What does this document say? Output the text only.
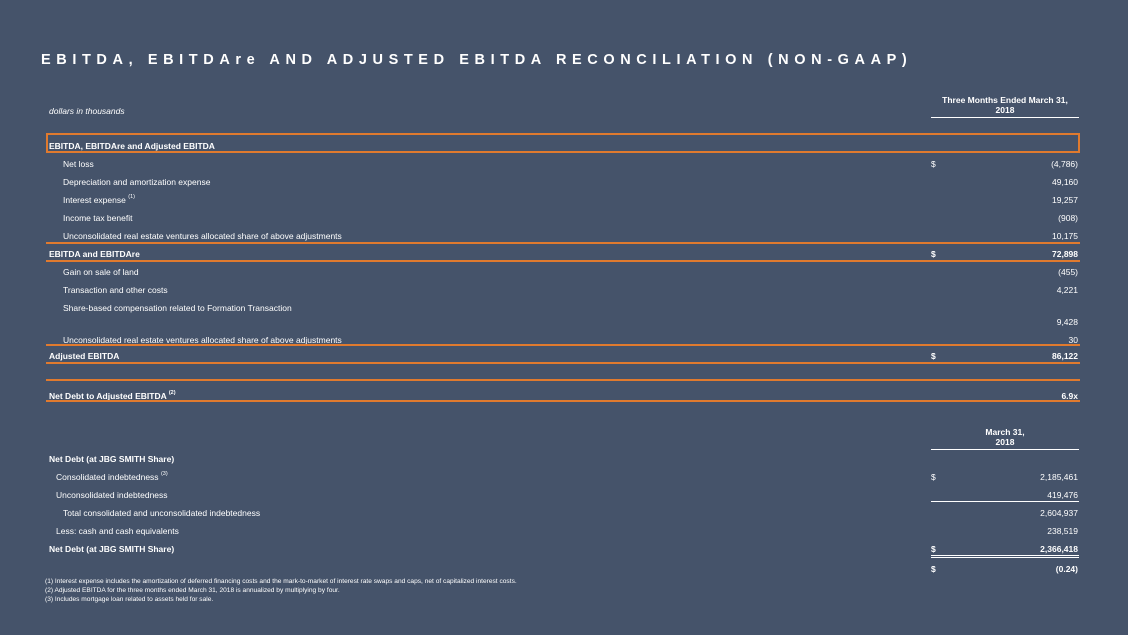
EBITDA, EBITDAre AND ADJUSTED EBITDA RECONCILIATION (NON-GAAP)
dollars in thousands
Three Months Ended March 31,
2018
EBITDA, EBITDAre and Adjusted EBITDA
Net loss	$	(4,786)
Depreciation and amortization expense	49,160
Interest expense $^{(1)}$	19,257
Income tax benefit	(908)
Unconsolidated real estate ventures allocated share of above adjustments	10,175
EBITDA and EBITDAre	$	72,898
Gain on sale of land	(455)
Transaction and other costs	4,221
Share-based compensation related to Formation Transaction
9,428
Unconsolidated real estate ventures allocated share of above adjustments	30
Adjusted EBITDA	$	86,122
Net Debt to Adjusted EBITDA $^{(2)}$	6.9x
March 31,
2018
Net Debt (at JBG SMITH Share)
Consolidated indebtedness $^{(3)}$	$	2,185,461
Unconsolidated indebtedness	419,476
Total consolidated and unconsolidated indebtedness	2,604,937
Less: cash and cash equivalents	238,519
Net Debt (at JBG SMITH Share)	$	2,366,418
$	(0.24)
(1) Interest expense includes the amortization of deferred financing costs and the mark-to-market of interest rate swaps and caps, net of capitalized interest costs.
(2) Adjusted EBITDA for the three months ended March 31, 2018 is annualized by multiplying by four.
(3) Includes mortgage loan related to assets held for sale.
